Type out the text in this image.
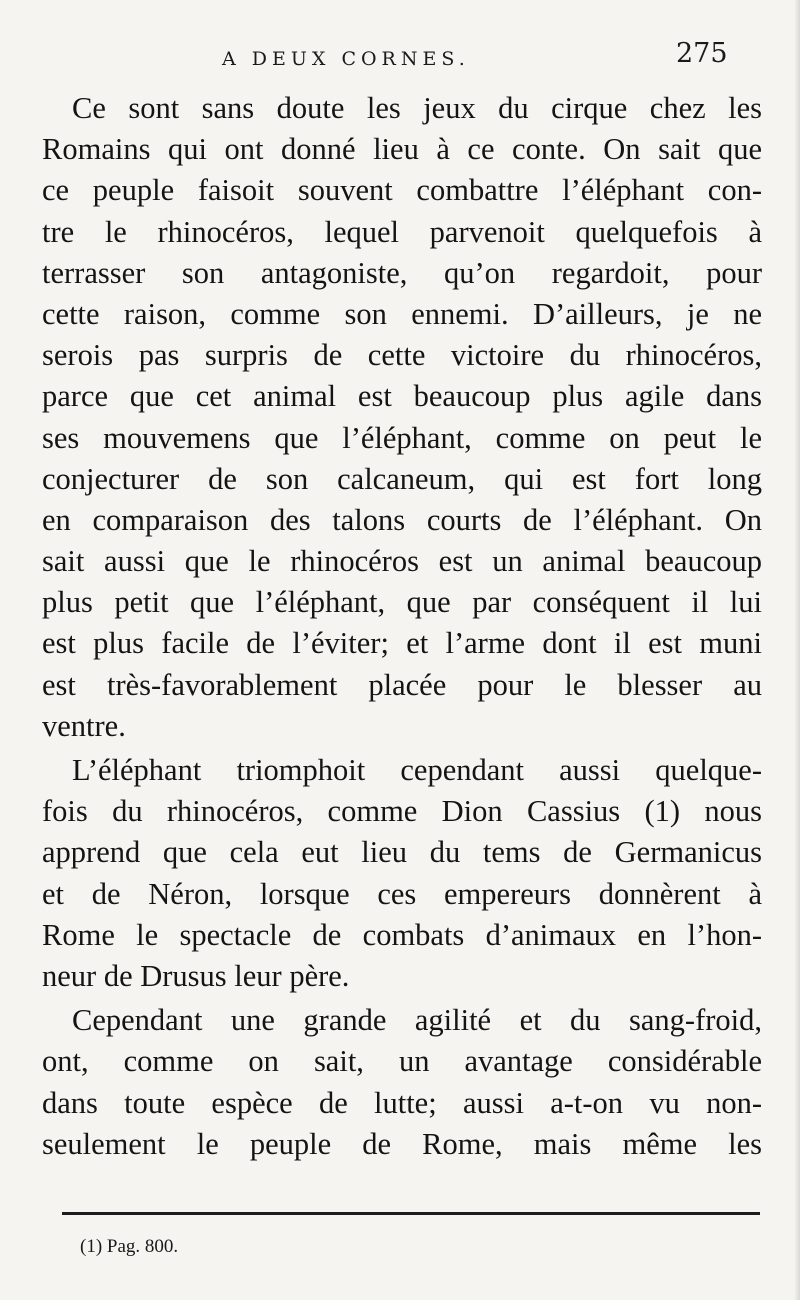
A DEUX CORNES.	275

Ce sont sans doute les jeux du cirque chez les
Romains qui ont donné lieu à ce conte. On sait que
ce peuple faisoit souvent combattre l’éléphant con-
tre le rhinocéros, lequel parvenoit quelquefois à
terrasser son antagoniste, qu’on regardoit, pour
cette raison, comme son ennemi. D’ailleurs, je ne
serois pas surpris de cette victoire du rhinocéros,
parce que cet animal est beaucoup plus agile dans
ses mouvemens que l’éléphant, comme on peut le
conjecturer de son calcaneum, qui est fort long
en comparaison des talons courts de l’éléphant. On
sait aussi que le rhinocéros est un animal beaucoup
plus petit que l’éléphant, que par conséquent il lui
est plus facile de l’éviter; et l’arme dont il est muni
est très-favorablement placée pour le blesser au
ventre.

L’éléphant triomphoit cependant aussi quelque-
fois du rhinocéros, comme Dion Cassius (1) nous
apprend que cela eut lieu du tems de Germanicus
et de Néron, lorsque ces empereurs donnèrent à
Rome le spectacle de combats d’animaux en l’hon-
neur de Drusus leur père.

Cependant une grande agilité et du sang-froid,
ont, comme on sait, un avantage considérable
dans toute espèce de lutte; aussi a-t-on vu non-
seulement le peuple de Rome, mais même les

(1) Pag. 800.
